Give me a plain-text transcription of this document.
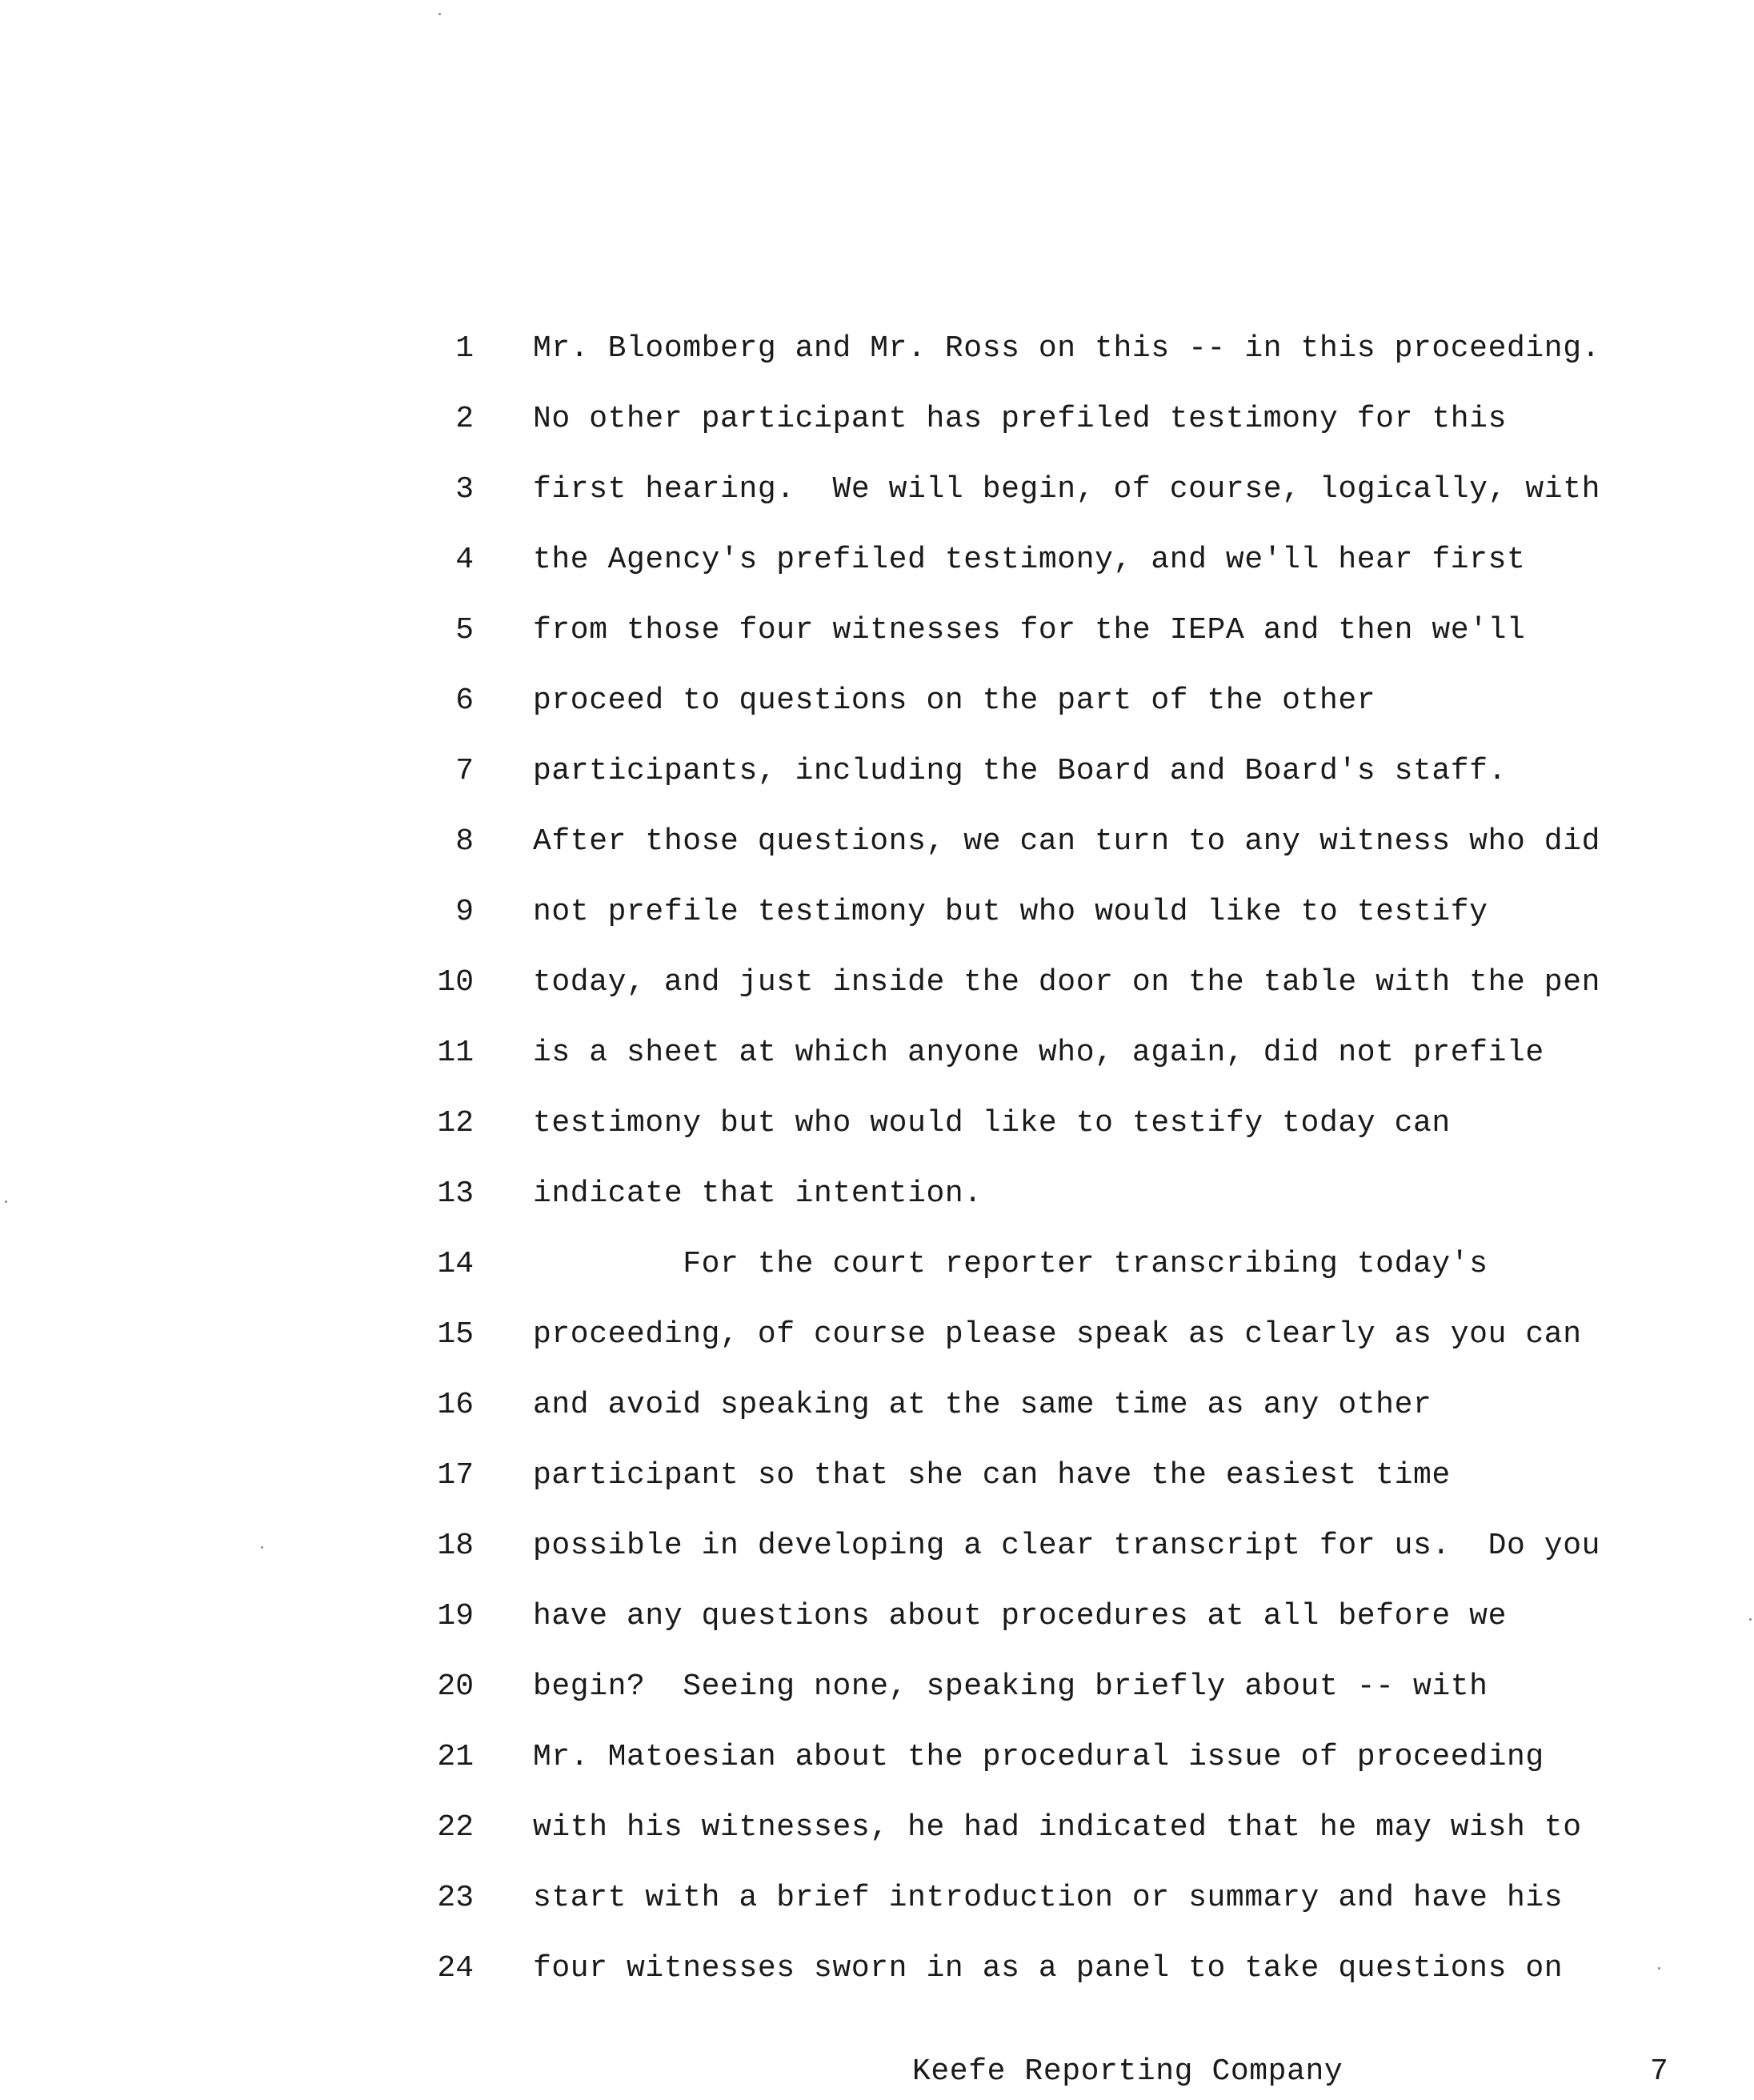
1 Mr. Bloomberg and Mr. Ross on this -- in this proceeding.
2 No other participant has prefiled testimony for this
3 first hearing.  We will begin, of course, logically, with
4 the Agency's prefiled testimony, and we'll hear first
5 from those four witnesses for the IEPA and then we'll
6 proceed to questions on the part of the other
7 participants, including the Board and Board's staff.
8 After those questions, we can turn to any witness who did
9 not prefile testimony but who would like to testify
10 today, and just inside the door on the table with the pen
11 is a sheet at which anyone who, again, did not prefile
12 testimony but who would like to testify today can
13 indicate that intention.
14 For the court reporter transcribing today's
15 proceeding, of course please speak as clearly as you can
16 and avoid speaking at the same time as any other
17 participant so that she can have the easiest time
18 possible in developing a clear transcript for us.  Do you
19 have any questions about procedures at all before we
20 begin?  Seeing none, speaking briefly about -- with
21 Mr. Matoesian about the procedural issue of proceeding
22 with his witnesses, he had indicated that he may wish to
23 start with a brief introduction or summary and have his
24 four witnesses sworn in as a panel to take questions on
Keefe Reporting Company	7
